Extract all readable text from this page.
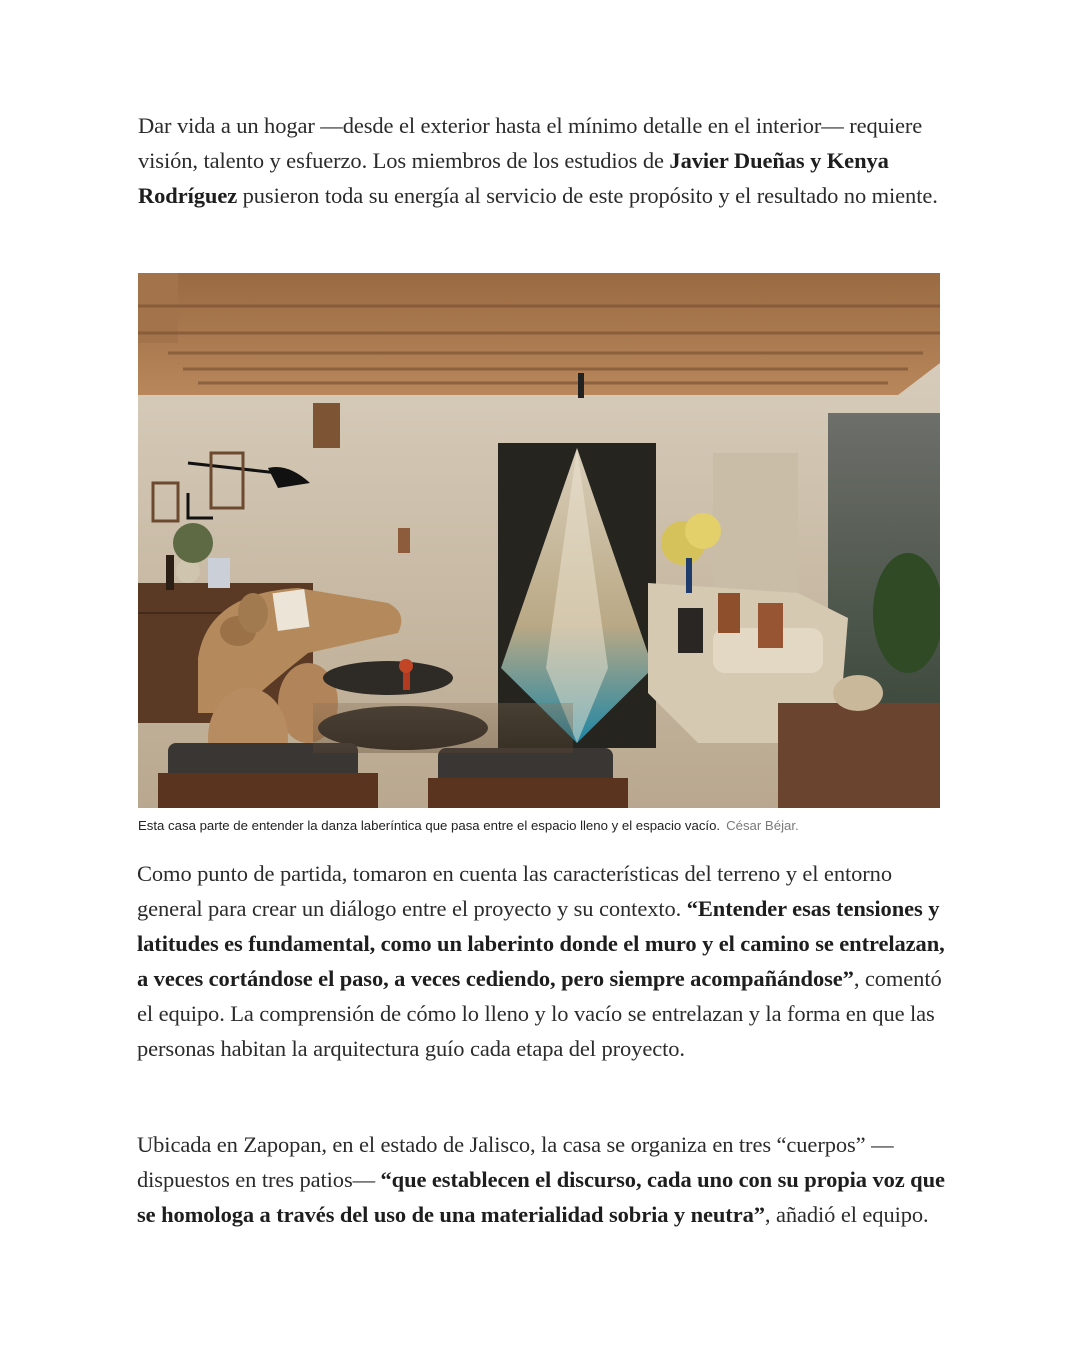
Dar vida a un hogar —desde el exterior hasta el mínimo detalle en el interior— requiere visión, talento y esfuerzo. Los miembros de los estudios de Javier Dueñas y Kenya Rodríguez pusieron toda su energía al servicio de este propósito y el resultado no miente.

Esta casa parte de entender la danza laberíntica que pasa entre el espacio lleno y el espacio vacío. César Béjar.

Como punto de partida, tomaron en cuenta las características del terreno y el entorno general para crear un diálogo entre el proyecto y su contexto. “Entender esas tensiones y latitudes es fundamental, como un laberinto donde el muro y el camino se entrelazan, a veces cortándose el paso, a veces cediendo, pero siempre acompañándose”, comentó el equipo. La comprensión de cómo lo lleno y lo vacío se entrelazan y la forma en que las personas habitan la arquitectura guío cada etapa del proyecto.

Ubicada en Zapopan, en el estado de Jalisco, la casa se organiza en tres “cuerpos” —dispuestos en tres patios— “que establecen el discurso, cada uno con su propia voz que se homologa a través del uso de una materialidad sobria y neutra”, añadió el equipo.
